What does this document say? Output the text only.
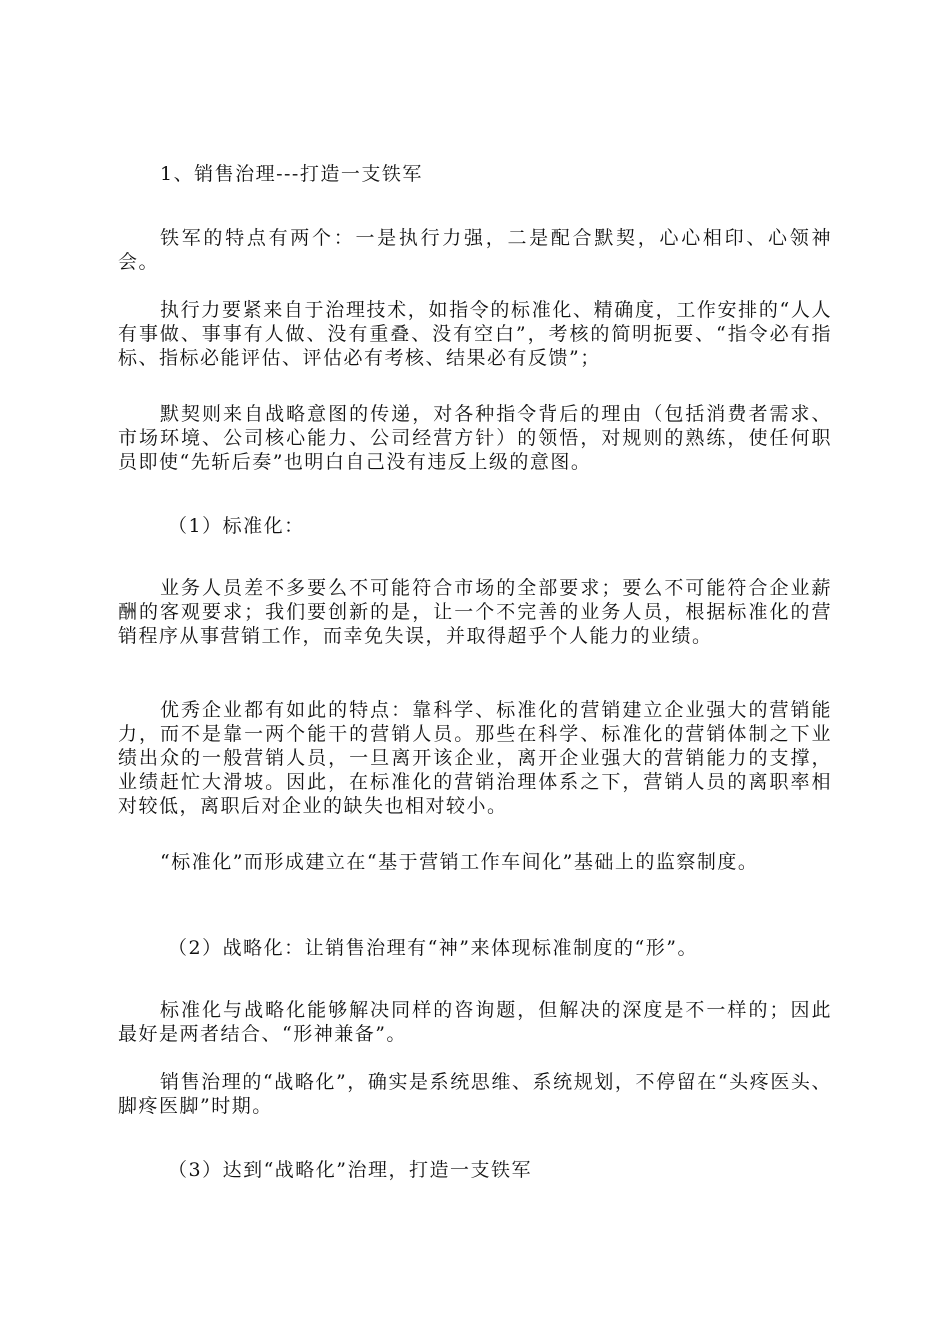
1、销售治理---打造一支铁军

铁军的特点有两个：一是执行力强，二是配合默契，心心相印、心领神会。

执行力要紧来自于治理技术，如指令的标准化、精确度，工作安排的“人人有事做、事事有人做、没有重叠、没有空白”，考核的简明扼要、“指令必有指标、指标必能评估、评估必有考核、结果必有反馈”；

默契则来自战略意图的传递，对各种指令背后的理由（包括消费者需求、市场环境、公司核心能力、公司经营方针）的领悟，对规则的熟练，使任何职员即使“先斩后奏”也明白自己没有违反上级的意图。

（1）标准化：

业务人员差不多要么不可能符合市场的全部要求；要么不可能符合企业薪酬的客观要求；我们要创新的是，让一个不完善的业务人员，根据标准化的营销程序从事营销工作，而幸免失误，并取得超乎个人能力的业绩。

优秀企业都有如此的特点：靠科学、标准化的营销建立企业强大的营销能力，而不是靠一两个能干的营销人员。那些在科学、标准化的营销体制之下业绩出众的一般营销人员，一旦离开该企业，离开企业强大的营销能力的支撑，业绩赶忙大滑坡。因此，在标准化的营销治理体系之下，营销人员的离职率相对较低，离职后对企业的缺失也相对较小。

“标准化”而形成建立在“基于营销工作车间化”基础上的监察制度。

（2）战略化：让销售治理有“神”来体现标准制度的“形”。

标准化与战略化能够解决同样的咨询题，但解决的深度是不一样的；因此最好是两者结合、“形神兼备”。

销售治理的“战略化”，确实是系统思维、系统规划，不停留在“头疼医头、脚疼医脚”时期。

（3）达到“战略化”治理，打造一支铁军
